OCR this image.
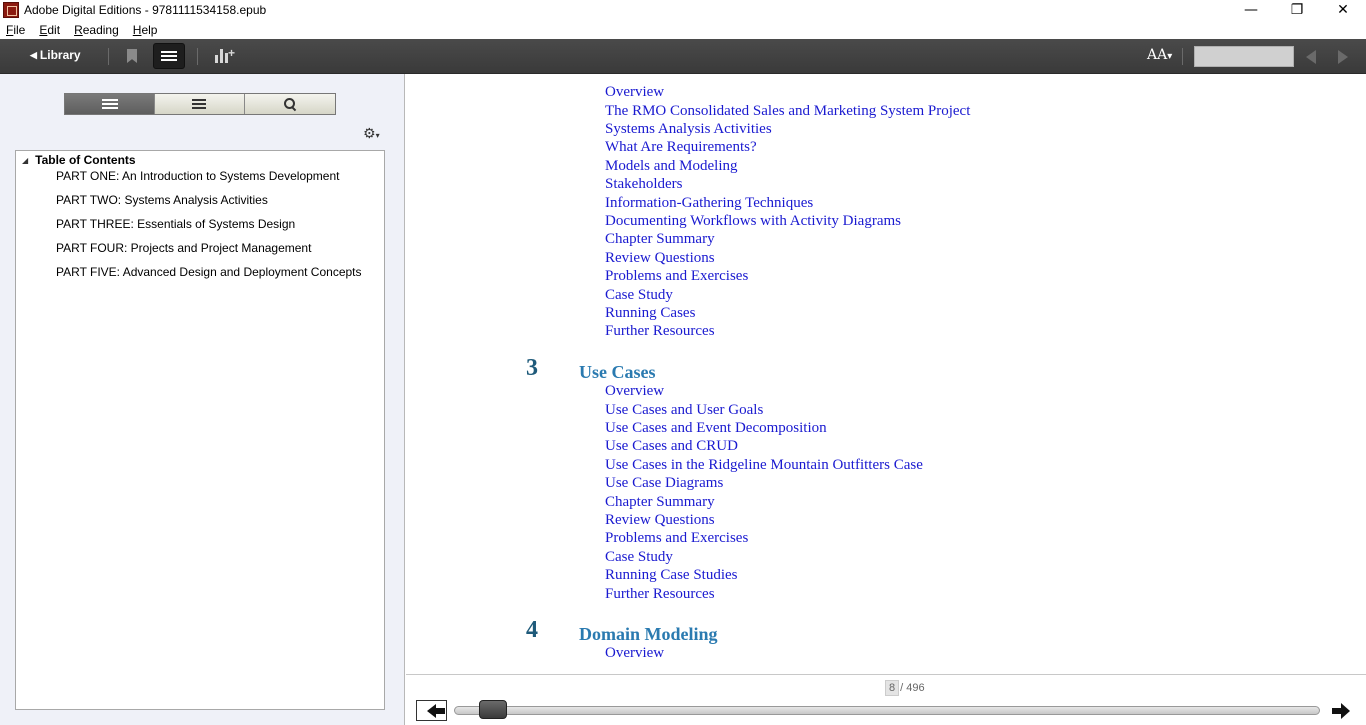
Adobe Digital Editions - 9781111534158.epub	—	❐	✕
File Edit Reading Help
◀ Library	+	AA▾
⚙▾
◢ Table of Contents
PART ONE: An Introduction to Systems Development
PART TWO: Systems Analysis Activities
PART THREE: Essentials of Systems Design
PART FOUR: Projects and Project Management
PART FIVE: Advanced Design and Deployment Concepts
Overview
The RMO Consolidated Sales and Marketing System Project
Systems Analysis Activities
What Are Requirements?
Models and Modeling
Stakeholders
Information-Gathering Techniques
Documenting Workflows with Activity Diagrams
Chapter Summary
Review Questions
Problems and Exercises
Case Study
Running Cases
Further Resources
3 Use Cases
Overview
Use Cases and User Goals
Use Cases and Event Decomposition
Use Cases and CRUD
Use Cases in the Ridgeline Mountain Outfitters Case
Use Case Diagrams
Chapter Summary
Review Questions
Problems and Exercises
Case Study
Running Case Studies
Further Resources
4 Domain Modeling
Overview
8 / 496
